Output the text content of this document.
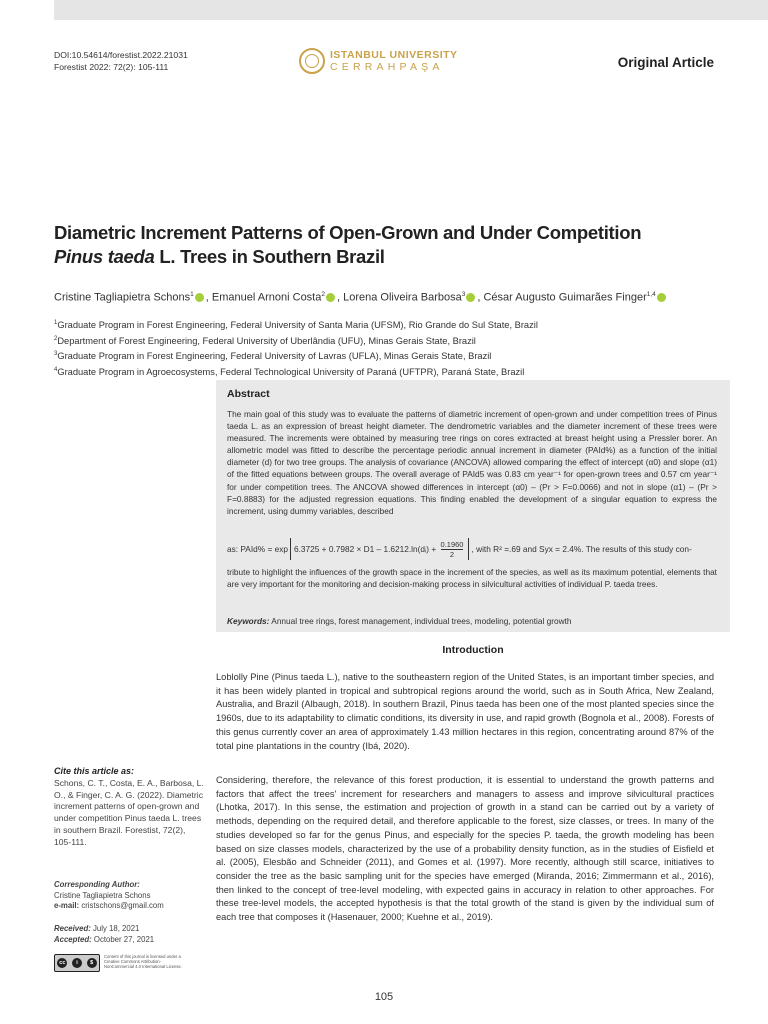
DOI:10.54614/forestist.2022.21031
Forestist 2022: 72(2): 105-111
ISTANBUL UNIVERSITY
CERRAHPAŞA	Original Article
Diametric Increment Patterns of Open-Grown and Under Competition
Pinus taeda L. Trees in Southern Brazil
Cristine Tagliapietra Schons$^1$ , Emanuel Arnoni Costa$^2$ , Lorena Oliveira Barbosa$^3$ , César Augusto Guimarães Finger$^{1,4}$
$^1$Graduate Program in Forest Engineering, Federal University of Santa Maria (UFSM), Rio Grande do Sul State, Brazil
$^2$Department of Forest Engineering, Federal University of Uberlândia (UFU), Minas Gerais State, Brazil
$^3$Graduate Program in Forest Engineering, Federal University of Lavras (UFLA), Minas Gerais State, Brazil
$^4$Graduate Program in Agroecosystems, Federal Technological University of Paraná (UFTPR), Paraná State, Brazil
Abstract
The main goal of this study was to evaluate the patterns of diametric increment of open-grown and under competition trees of Pinus taeda L. as an expression of breast height diameter. The dendrometric variables and the diameter increment of these trees were measured. The increments were obtained by measuring tree rings on cores extracted at breast height using a Pressler borer. An allometric model was fitted to describe the percentage periodic annual increment in diameter (PAId%) as a function of the initial diameter (d) for two tree groups. The analysis of covariance (ANCOVA) allowed comparing the effect of intercept (α0) and slope (α1) of the fitted equations between groups. The overall average of PAId5 was 0.83 cm year⁻¹ for open-grown trees and 0.57 cm year⁻¹ for under competition trees. The ANCOVA showed differences in intercept (α0) – (Pr > F=0.0066) and not in slope (α1) – (Pr > F=0.8883) for the adjusted regression equations. This finding enabled the development of a singular equation to express the increment, using dummy variables, described
as:
PAId% = exp 6.3725 + 0.7982 × D1 – 1.6212.ln(dᵢ) + $\frac{0.1960}{2}$ , with R² =.69 and Syx = 2.4%. The results of this study con-
tribute to highlight the influences of the growth space in the increment of the species, as well as its maximum potential, elements that are very important for the monitoring and decision-making process in silvicultural activities of individual P. taeda trees.
Keywords: Annual tree rings, forest management, individual trees, modeling, potential growth
Introduction
Loblolly Pine (Pinus taeda L.), native to the southeastern region of the United States, is an important timber species, and it has been widely planted in tropical and subtropical regions around the world, such as in South Africa, New Zealand, Australia, and Brazil (Albaugh, 2018). In southern Brazil, Pinus taeda has been one of the most planted species since the 1960s, due to its adaptability to climatic conditions, its diversity in use, and rapid growth (Bognola et al., 2008). Forests of this genus currently cover an area of approximately 1.43 million hectares in this region, concentrating around 87% of the total pine plantations in the country (Ibá, 2020).
Considering, therefore, the relevance of this forest production, it is essential to understand the growth patterns and factors that affect the trees' increment for researchers and managers to assess and improve silvicultural practices (Lhotka, 2017). In this sense, the estimation and projection of growth in a stand can be carried out by a variety of methods, depending on the required detail, and therefore applicable to the forest, size classes, or trees. In many of the studies developed so far for the genus Pinus, and especially for the species P. taeda, the growth modeling has been based on size classes models, characterized by the use of a probability density function, as in the studies of Eisfield et al. (2005), Elesbão and Schneider (2011), and Gomes et al. (1997). More recently, although still scarce, initiatives to consider the tree as the basic sampling unit for the species have emerged (Miranda, 2016; Zimmermann et al., 2016), then linked to the concept of tree-level modeling, with expected gains in accuracy in relation to other approaches. For these tree-level models, the accepted hypothesis is that the total growth of the stand is given by the individual sum of each tree that composes it (Hasenauer, 2000; Kuehne et al., 2019).
Cite this article as:
Schons, C. T., Costa, E. A., Barbosa, L. O., & Finger, C. A. G. (2022). Diametric increment patterns of open-grown and under competition Pinus taeda L. trees in southern Brazil. Forestist, 72(2), 105-111.
Corresponding Author:
Cristine Tagliapietra Schons
e-mail: cristschons@gmail.com
Received: July 18, 2021
Accepted: October 27, 2021
cc	i	$
Content of this journal is licensed under a Creative Commons Attribution-NonCommercial 4.0 International License.
105
